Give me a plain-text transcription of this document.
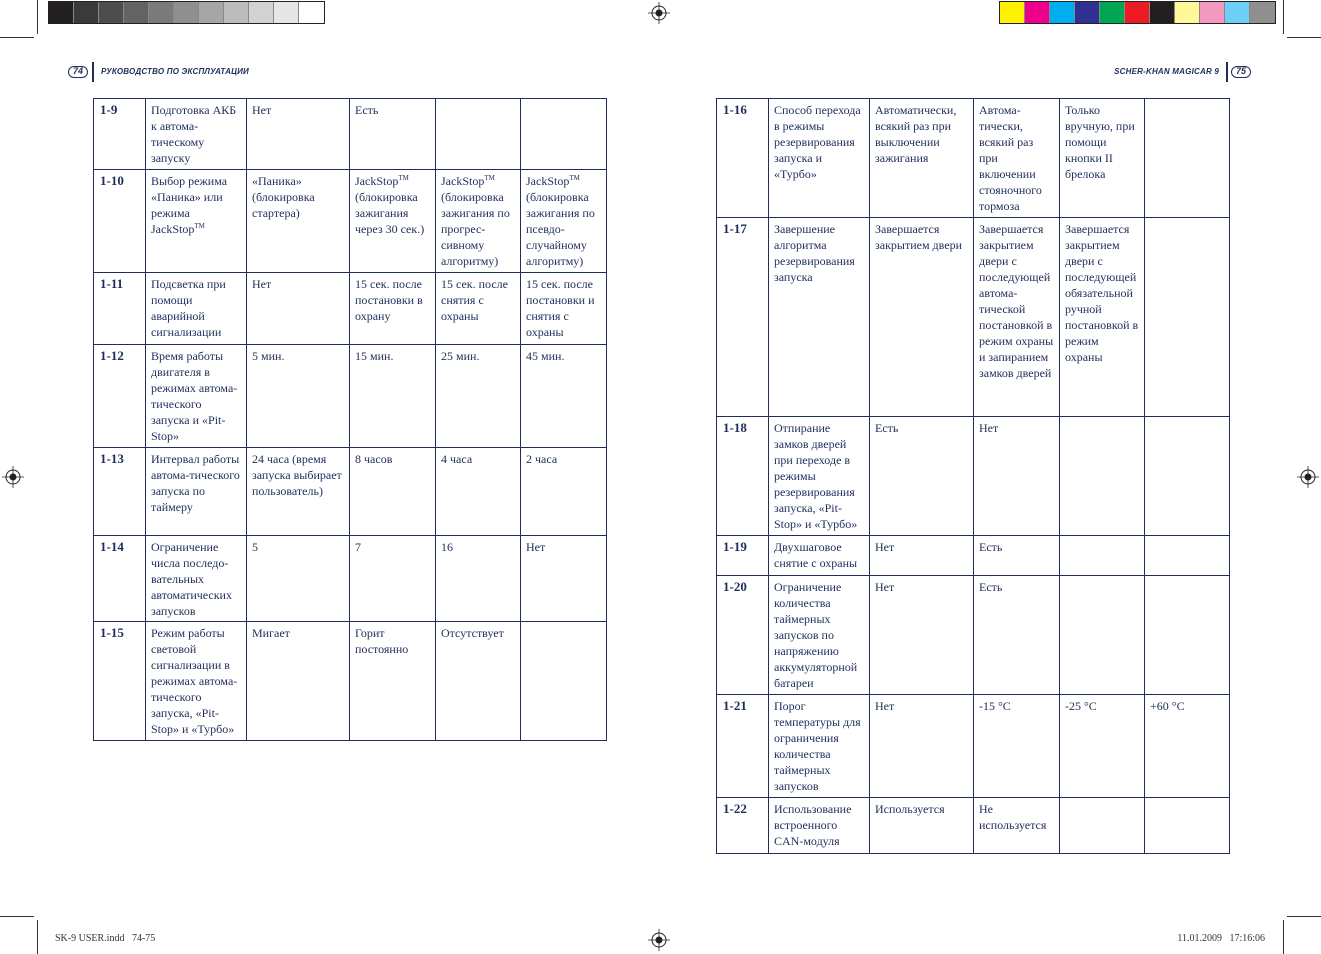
74	РУКОВОДСТВО ПО ЭКСПЛУАТАЦИИ	SCHER-KHAN MAGICAR 9	75
1-9	Подготовка АКБ к автома-тическому запуску	Нет	Есть		
1-10	Выбор режима «Паника» или режима JackStop™	«Паника» (блокировка стартера)	JackStop™ (блокировка зажигания через 30 сек.)	JackStop™ (блокировка зажигания по прогрес-сивному алгоритму)	JackStop™ (блокировка зажигания по псевдо-случайному алгоритму)
1-11	Подсветка при помощи аварийной сигнализации	Нет	15 сек. после постановки в охрану	15 сек. после снятия с охраны	15 сек. после постановки и снятия с охраны
1-12	Время работы двигателя в режимах автома-тического запуска и «Pit-Stop»	5 мин.	15 мин.	25 мин.	45 мин.
1-13	Интервал работы автома-тического запуска по таймеру	24 часа (время запуска выбирает пользователь)	8 часов	4 часа	2 часа
1-14	Ограничение числа последо-вательных автоматических запусков	5	7	16	Нет
1-15	Режим работы световой сигнализации в режимах автома-тического запуска, «Pit-Stop» и «Турбо»	Мигает	Горит постоянно	Отсутствует	
1-16	Способ перехода в режимы резервирования запуска и «Турбо»	Автоматически, всякий раз при выключении зажигания	Автома-тически, всякий раз при включении стояночного тормоза	Только вручную, при помощи кнопки II брелока	
1-17	Завершение алгоритма резервирования запуска	Завершается закрытием двери	Завершается закрытием двери с последующей автома-тической постановкой в режим охраны и запиранием замков дверей	Завершается закрытием двери с последующей обязательной ручной постановкой в режим охраны	
1-18	Отпирание замков дверей при переходе в режимы резервирования запуска, «Pit-Stop» и «Турбо»	Есть	Нет		
1-19	Двухшаговое снятие с охраны	Нет	Есть		
1-20	Ограничение количества таймерных запусков по напряжению аккумуляторной батареи	Нет	Есть		
1-21	Порог температуры для ограничения количества таймерных запусков	Нет	-15 °С	-25 °С	+60 °С
1-22	Использование встроенного CAN-модуля	Используется	Не используется		
SK-9 USER.indd   74-75	11.01.2009   17:16:06
